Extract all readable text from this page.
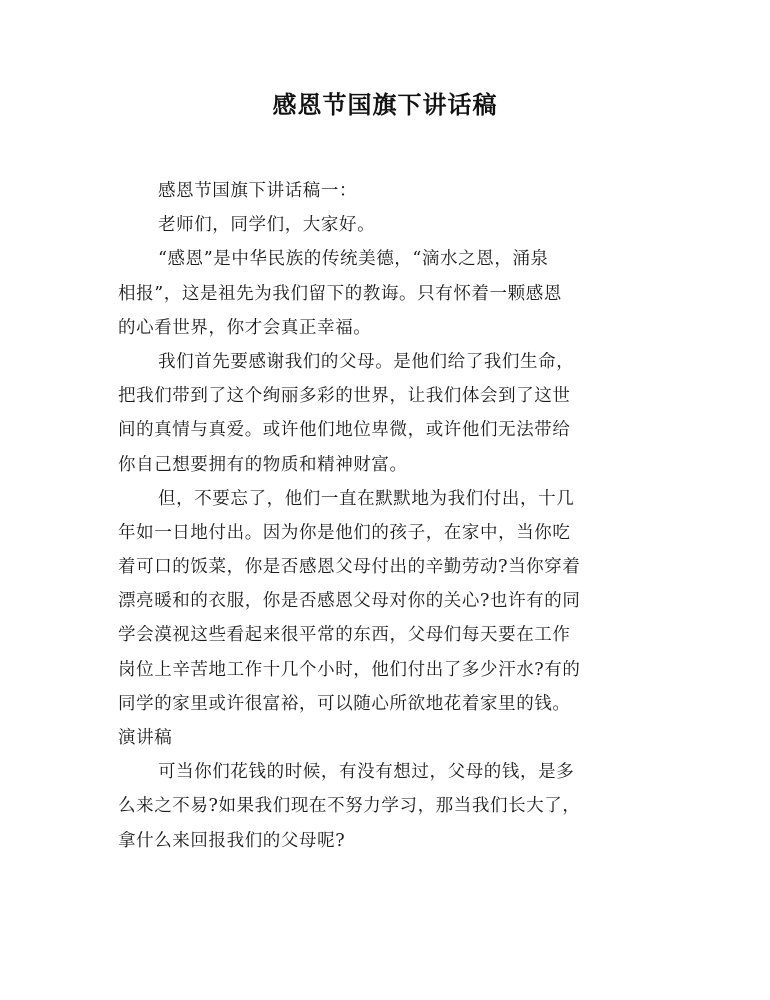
感恩节国旗下讲话稿
感恩节国旗下讲话稿一：
老师们，同学们，大家好。
“感恩”是中华民族的传统美德，“滴水之恩，涌泉
相报”，这是祖先为我们留下的教诲。只有怀着一颗感恩
的心看世界，你才会真正幸福。
我们首先要感谢我们的父母。是他们给了我们生命，
把我们带到了这个绚丽多彩的世界，让我们体会到了这世
间的真情与真爱。或许他们地位卑微，或许他们无法带给
你自己想要拥有的物质和精神财富。
但，不要忘了，他们一直在默默地为我们付出，十几
年如一日地付出。因为你是他们的孩子，在家中，当你吃
着可口的饭菜，你是否感恩父母付出的辛勤劳动?当你穿着
漂亮暖和的衣服，你是否感恩父母对你的关心?也许有的同
学会漠视这些看起来很平常的东西，父母们每天要在工作
岗位上辛苦地工作十几个小时，他们付出了多少汗水?有的
同学的家里或许很富裕，可以随心所欲地花着家里的钱。
演讲稿
可当你们花钱的时候，有没有想过，父母的钱，是多
么来之不易?如果我们现在不努力学习，那当我们长大了，
拿什么来回报我们的父母呢?
